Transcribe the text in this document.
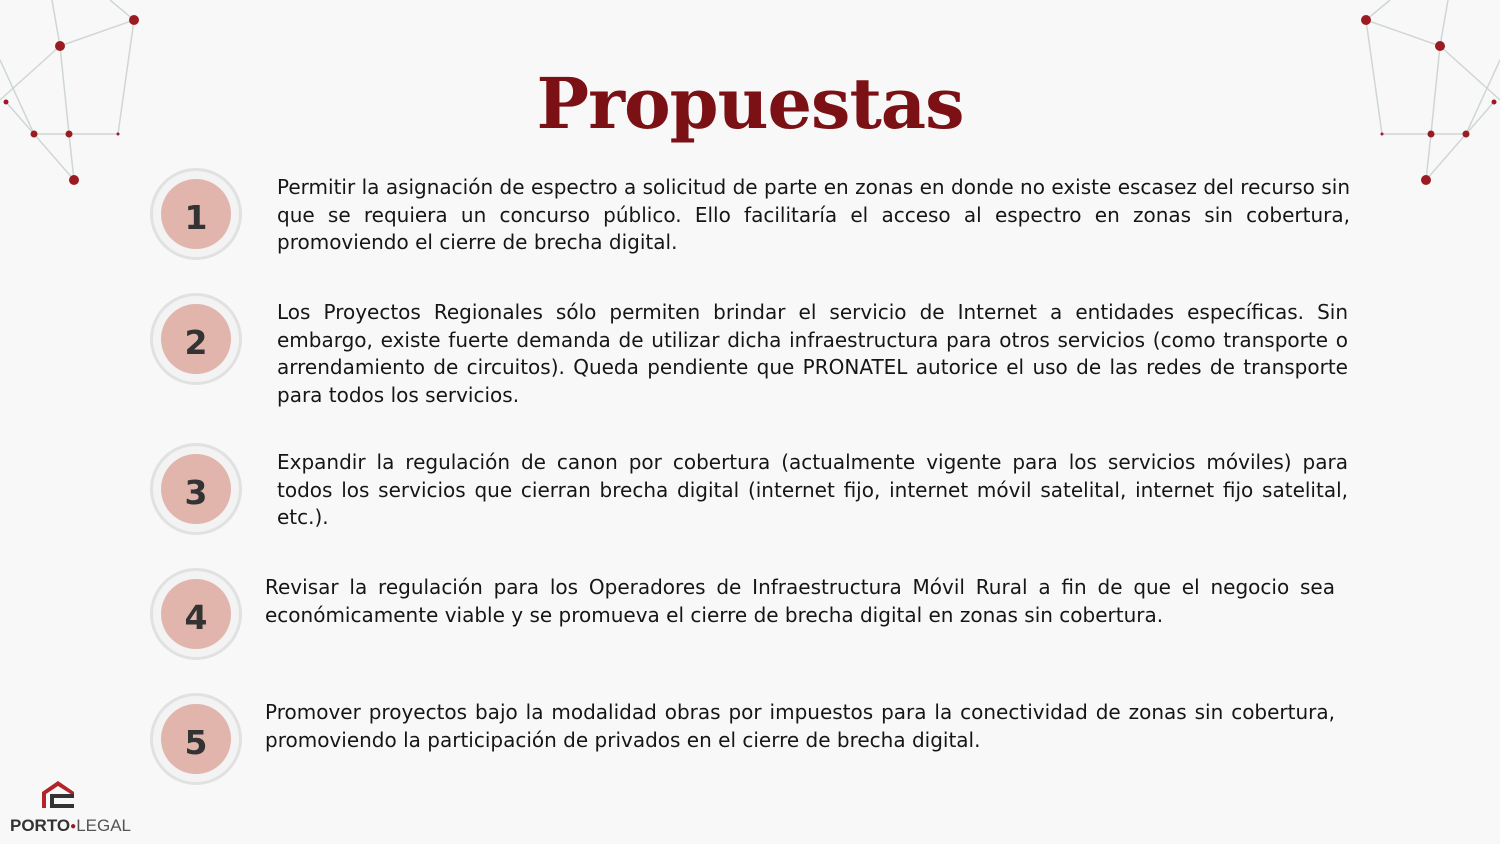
Propuestas
1
Permitir la asignación de espectro a solicitud de parte en zonas en donde no existe escasez del recurso sin que se requiera un concurso público. Ello facilitaría el acceso al espectro en zonas sin cobertura, promoviendo el cierre de brecha digital.
2
Los Proyectos Regionales sólo permiten brindar el servicio de Internet a entidades específicas. Sin embargo, existe fuerte demanda de utilizar dicha infraestructura para otros servicios (como transporte o arrendamiento de circuitos). Queda pendiente que PRONATEL autorice el uso de las redes de transporte para todos los servicios.
3
Expandir la regulación de canon por cobertura (actualmente vigente para los servicios móviles) para todos los servicios que cierran brecha digital (internet fijo, internet móvil satelital, internet fijo satelital, etc.).
4
Revisar la regulación para los Operadores de Infraestructura Móvil Rural a fin de que el negocio sea económicamente viable y se promueva el cierre de brecha digital en zonas sin cobertura.
5
Promover proyectos bajo la modalidad obras por impuestos para la conectividad de zonas sin cobertura, promoviendo la participación de privados en el cierre de brecha digital.
PORTO●LEGAL
